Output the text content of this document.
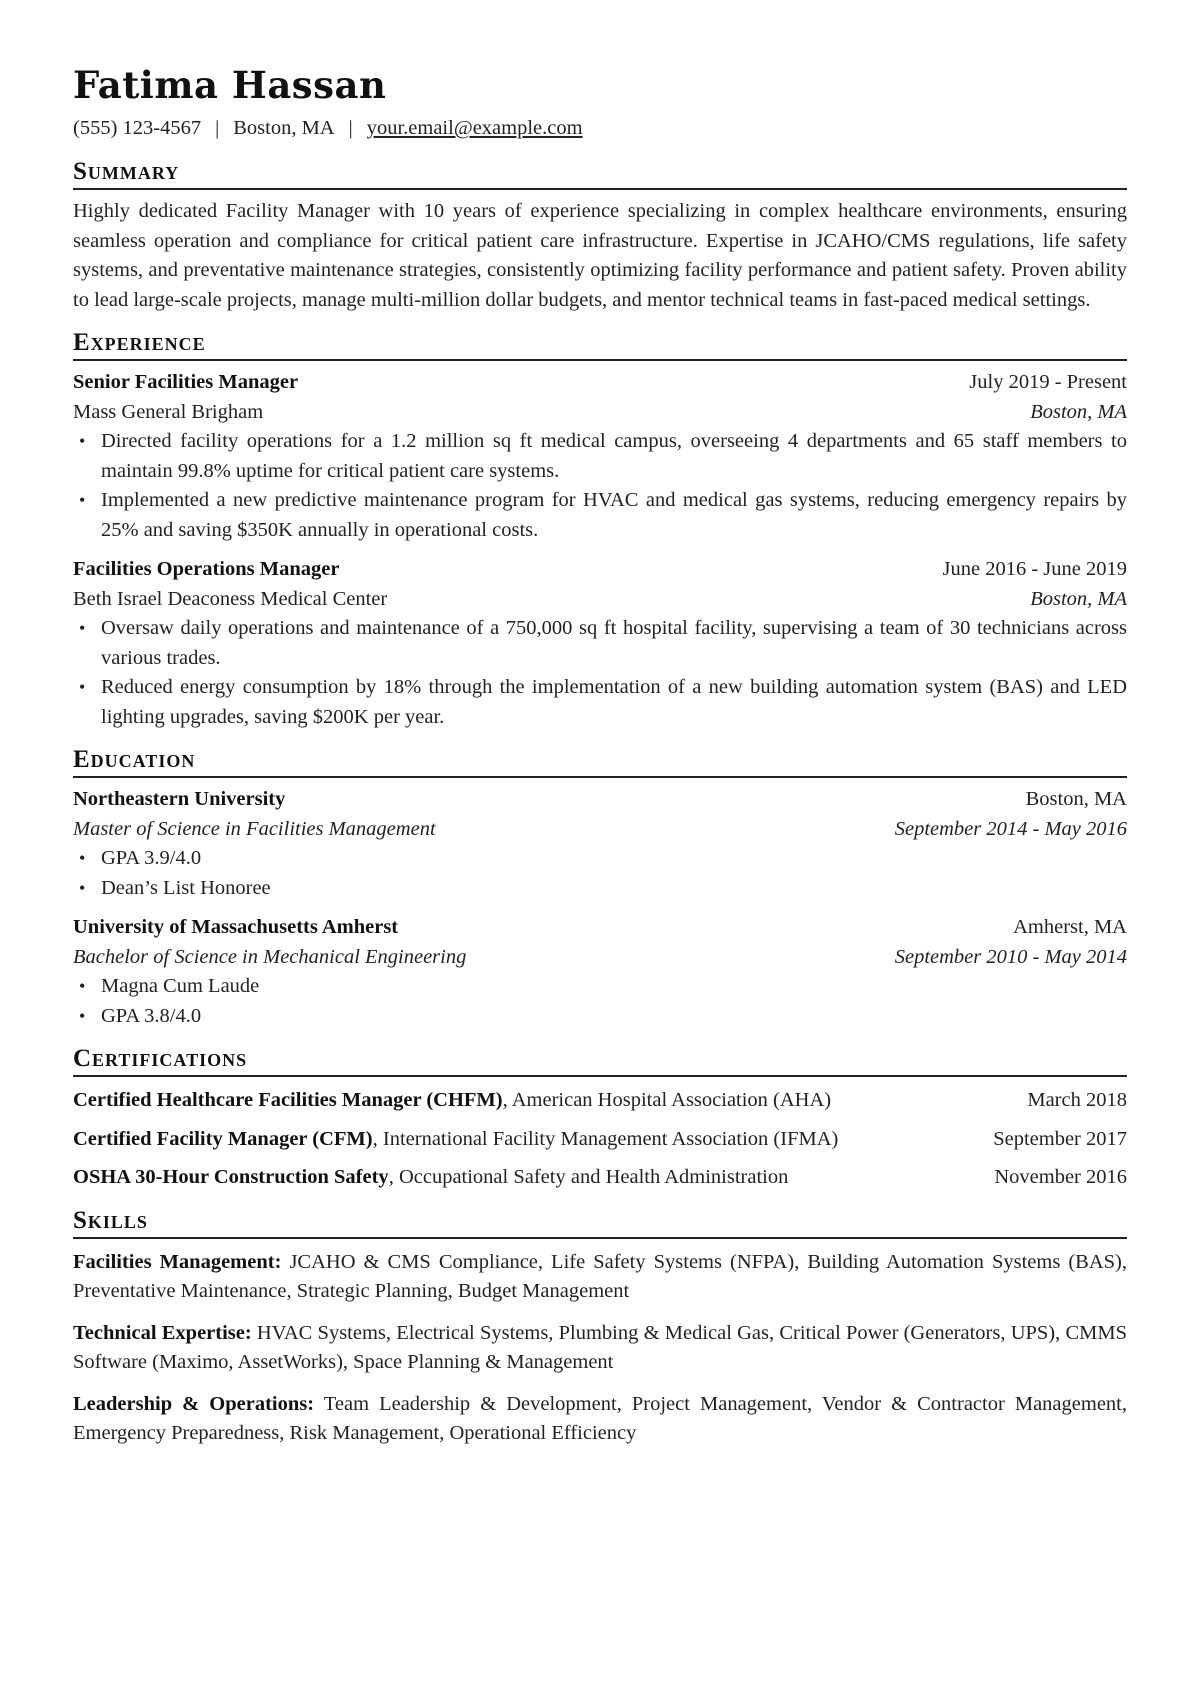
Fatima Hassan
(555) 123-4567 | Boston, MA | your.email@example.com
Summary

Highly dedicated Facility Manager with 10 years of experience specializing in complex healthcare environments, ensuring seamless operation and compliance for critical patient care infrastructure. Expertise in JCAHO/CMS regulations, life safety systems, and preventative maintenance strategies, consistently optimizing facility performance and patient safety. Proven ability to lead large-scale projects, manage multi-million dollar budgets, and mentor technical teams in fast-paced medical settings.

Experience
Senior Facilities Manager	July 2019 - Present
Mass General Brigham	Boston, MA
• Directed facility operations for a 1.2 million sq ft medical campus, overseeing 4 departments and 65 staff members to maintain 99.8% uptime for critical patient care systems.
• Implemented a new predictive maintenance program for HVAC and medical gas systems, reducing emergency repairs by 25% and saving $350K annually in operational costs.
Facilities Operations Manager	June 2016 - June 2019
Beth Israel Deaconess Medical Center	Boston, MA
• Oversaw daily operations and maintenance of a 750,000 sq ft hospital facility, supervising a team of 30 technicians across various trades.
• Reduced energy consumption by 18% through the implementation of a new building automation system (BAS) and LED lighting upgrades, saving $200K per year.
Education
Northeastern University	Boston, MA
Master of Science in Facilities Management	September 2014 - May 2016
• GPA 3.9/4.0
• Dean’s List Honoree
University of Massachusetts Amherst	Amherst, MA
Bachelor of Science in Mechanical Engineering	September 2010 - May 2014
• Magna Cum Laude
• GPA 3.8/4.0
Certifications
Certified Healthcare Facilities Manager (CHFM), American Hospital Association (AHA)	March 2018
Certified Facility Manager (CFM), International Facility Management Association (IFMA)	September 2017
OSHA 30-Hour Construction Safety, Occupational Safety and Health Administration	November 2016
Skills
Facilities Management: JCAHO & CMS Compliance, Life Safety Systems (NFPA), Building Automation Systems (BAS), Preventative Maintenance, Strategic Planning, Budget Management
Technical Expertise: HVAC Systems, Electrical Systems, Plumbing & Medical Gas, Critical Power (Generators, UPS), CMMS Software (Maximo, AssetWorks), Space Planning & Management
Leadership & Operations: Team Leadership & Development, Project Management, Vendor & Contractor Management, Emergency Preparedness, Risk Management, Operational Efficiency
